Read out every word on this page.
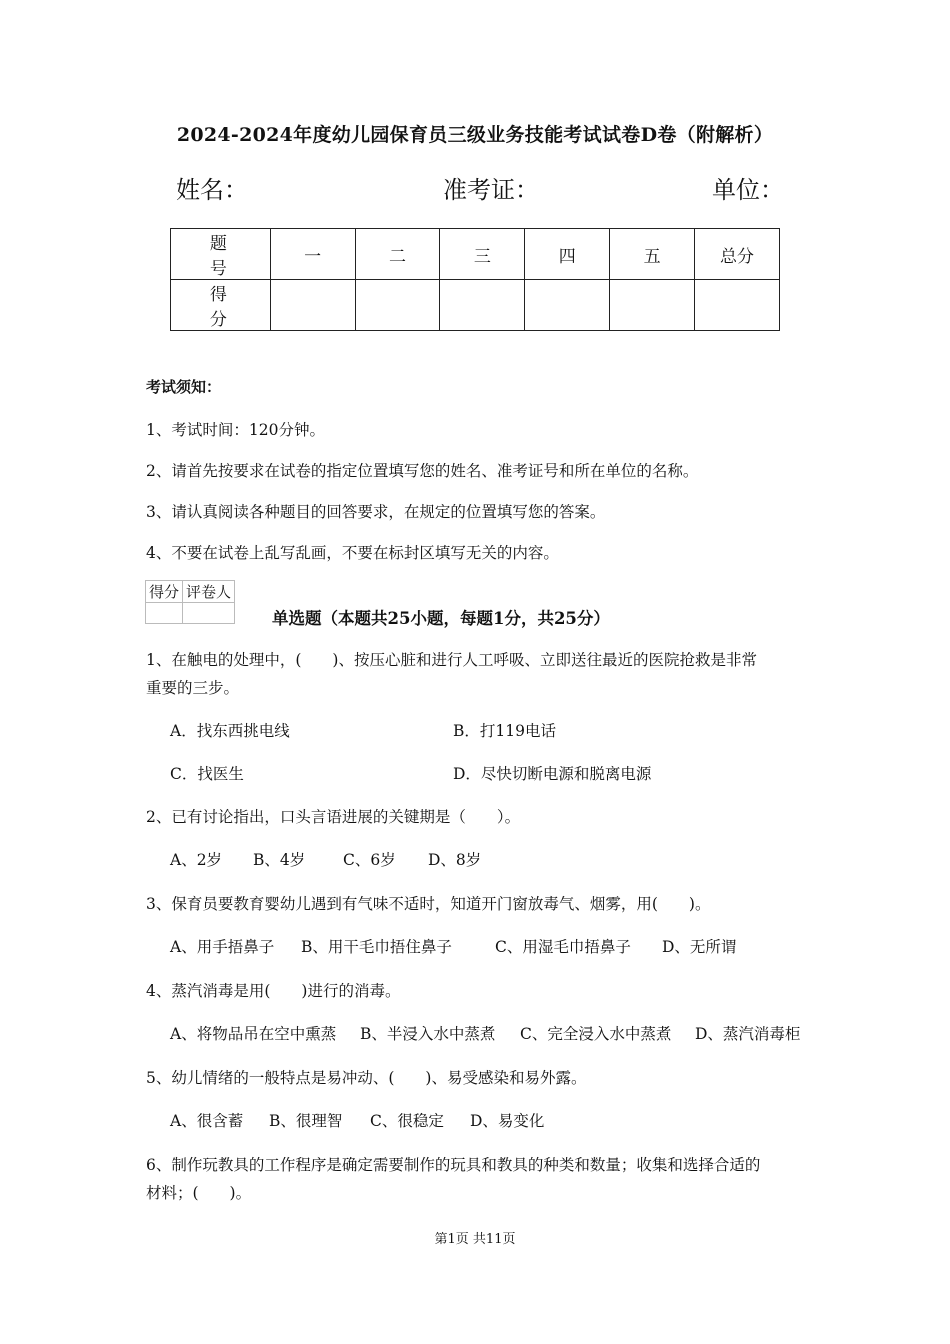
2024-2024年度幼儿园保育员三级业务技能考试试卷D卷（附解析）
姓名：	准考证：	单位：
题 号	一	二	三	四	五	总分
得 分						
考试须知：
1、考试时间：120分钟。
2、请首先按要求在试卷的指定位置填写您的姓名、准考证号和所在单位的名称。
3、请认真阅读各种题目的回答要求，在规定的位置填写您的答案。
4、不要在试卷上乱写乱画，不要在标封区填写无关的内容。
得分	评卷人

单选题（本题共25小题，每题1分，共25分）
1、在触电的处理中，(　　)、按压心脏和进行人工呼吸、立即送往最近的医院抢救是非常
重要的三步。
A．找东西挑电线	B．打119电话
C．找医生	D．尽快切断电源和脱离电源
2、已有讨论指出，口头言语进展的关键期是（　　）。
A、2岁 B、4岁 C、6岁 D、8岁
3、保育员要教育婴幼儿遇到有气味不适时，知道开门窗放毒气、烟雾，用(　　)。
A、用手捂鼻子 B、用干毛巾捂住鼻子	C、用湿毛巾捂鼻子 D、无所谓
4、蒸汽消毒是用(　　)进行的消毒。
A、将物品吊在空中熏蒸 B、半浸入水中蒸煮 C、完全浸入水中蒸煮 D、蒸汽消毒柜
5、幼儿情绪的一般特点是易冲动、(　　)、易受感染和易外露。
A、很含蓄 B、很理智 C、很稳定 D、易变化
6、制作玩教具的工作程序是确定需要制作的玩具和教具的种类和数量；收集和选择合适的
材料；(　　)。
第1页 共11页
